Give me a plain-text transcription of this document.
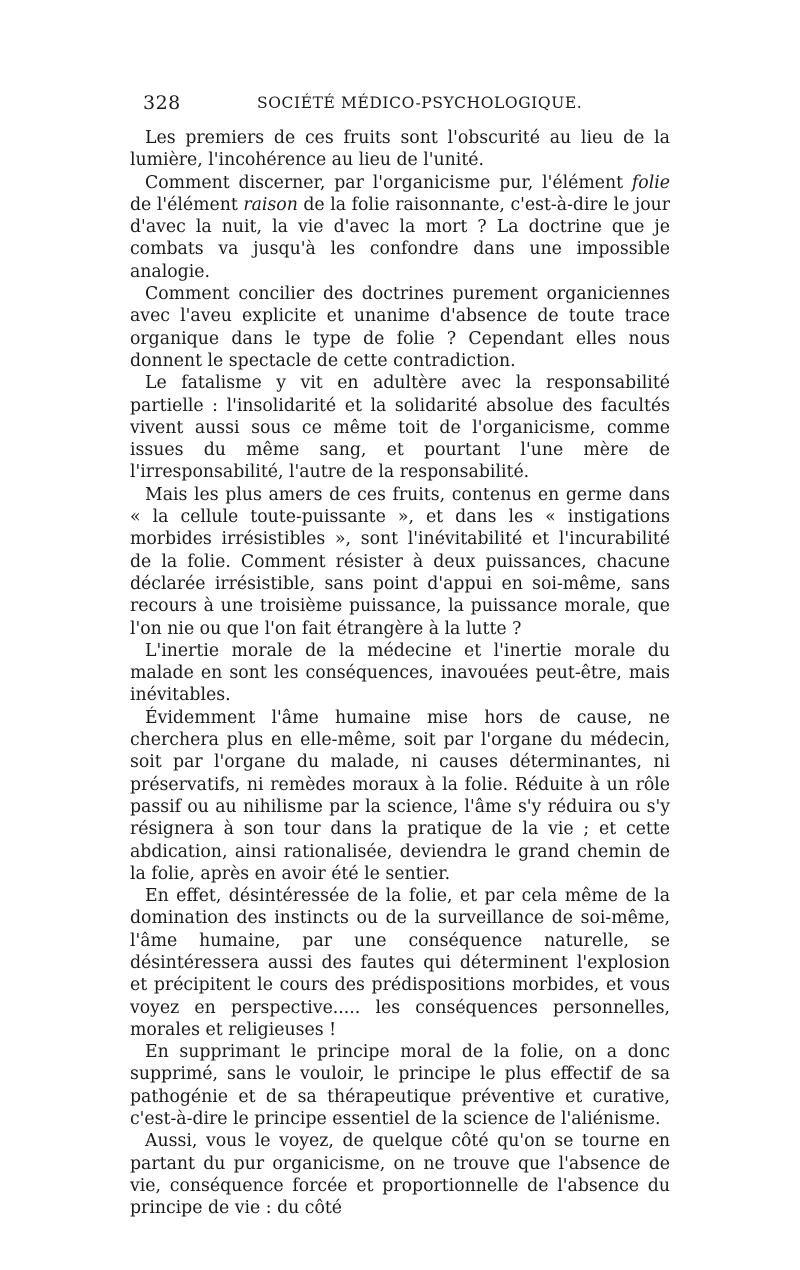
328	SOCIÉTÉ MÉDICO-PSYCHOLOGIQUE.

Les premiers de ces fruits sont l'obscurité au lieu de la lumière, l'incohérence au lieu de l'unité.

Comment discerner, par l'organicisme pur, l'élément folie de l'élément raison de la folie raisonnante, c'est-à-dire le jour d'avec la nuit, la vie d'avec la mort ? La doctrine que je combats va jusqu'à les confondre dans une impossible analogie.

Comment concilier des doctrines purement organiciennes avec l'aveu explicite et unanime d'absence de toute trace organique dans le type de folie ? Cependant elles nous donnent le spectacle de cette contradiction.

Le fatalisme y vit en adultère avec la responsabilité partielle : l'insolidarité et la solidarité absolue des facultés vivent aussi sous ce même toit de l'organicisme, comme issues du même sang, et pourtant l'une mère de l'irresponsabilité, l'autre de la responsabilité.

Mais les plus amers de ces fruits, contenus en germe dans « la cellule toute-puissante », et dans les « instigations morbides irrésistibles », sont l'inévitabilité et l'incurabilité de la folie. Comment résister à deux puissances, chacune déclarée irrésistible, sans point d'appui en soi-même, sans recours à une troisième puissance, la puissance morale, que l'on nie ou que l'on fait étrangère à la lutte ?

L'inertie morale de la médecine et l'inertie morale du malade en sont les conséquences, inavouées peut-être, mais inévitables.

Évidemment l'âme humaine mise hors de cause, ne cherchera plus en elle-même, soit par l'organe du médecin, soit par l'organe du malade, ni causes déterminantes, ni préservatifs, ni remèdes moraux à la folie. Réduite à un rôle passif ou au nihilisme par la science, l'âme s'y réduira ou s'y résignera à son tour dans la pratique de la vie ; et cette abdication, ainsi rationalisée, deviendra le grand chemin de la folie, après en avoir été le sentier.

En effet, désintéressée de la folie, et par cela même de la domination des instincts ou de la surveillance de soi-même, l'âme humaine, par une conséquence naturelle, se désintéressera aussi des fautes qui déterminent l'explosion et précipitent le cours des prédispositions morbides, et vous voyez en perspective..... les conséquences personnelles, morales et religieuses !

En supprimant le principe moral de la folie, on a donc supprimé, sans le vouloir, le principe le plus effectif de sa pathogénie et de sa thérapeutique préventive et curative, c'est-à-dire le principe essentiel de la science de l'aliénisme.

Aussi, vous le voyez, de quelque côté qu'on se tourne en partant du pur organicisme, on ne trouve que l'absence de vie, conséquence forcée et proportionnelle de l'absence du principe de vie : du côté
